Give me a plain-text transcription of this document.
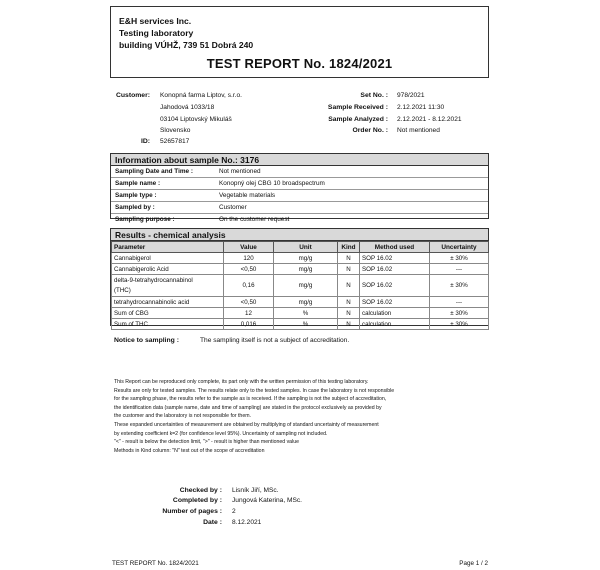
E&H services Inc.
Testing laboratory
building VÚHŽ, 739 51 Dobrá 240
TEST REPORT No. 1824/2021
Customer: Konopná farma Liptov, s.r.o.
Jahodová 1033/18
03104 Liptovský Mikuláš
Slovensko
ID: 52657817
Set No. : 978/2021
Sample Received : 2.12.2021 11:30
Sample Analyzed : 2.12.2021 - 8.12.2021
Order No. : Not mentioned
Information about sample No.: 3176
Sampling Date and Time :	Not mentioned
Sample name :	Konopný olej CBG 10 broadspectrum
Sample type :	Vegetable materials
Sampled by :	Customer
Sampling purpose :	On the customer request
Results - chemical analysis
Parameter	Value	Unit	Kind	Method used	Uncertainty
Cannabigerol	120	mg/g	N	SOP 16.02	± 30%
Cannabigerolic Acid	<0,50	mg/g	N	SOP 16.02	---
delta-9-tetrahydrocannabinol
(THC)	0,16	mg/g	N	SOP 16.02	± 30%
tetrahydrocannabinolic acid	<0,50	mg/g	N	SOP 16.02	---
Sum of CBG	12	%	N	calculation	± 30%
Sum of THC	0,016	%	N	calculation	± 30%
Notice to sampling :	The sampling itself is not a subject of accreditation.

This Report can be reproduced only complete, its part only with the written permission of this testing laboratory.

Results are only for tested samples. The results relate only to the tested samples. In case the laboratory is not responsible

for the sampling phase, the results refer to the sample as is received. If the sampling is not the subject of accreditation,

the identification data (sample name, date and time of sampling) are stated in the protocol exclusively as provided by

the customer and the laboratory is not responsible for them.

These expanded uncertainties of measurement are obtained by multiplying of standard uncertainty of measurement

by extending coefficient k=2 (for confidence level 95%). Uncertainty of sampling not included.

"<" - result is below the detection limit, ">" - result is higher than mentioned value

Methods in Kind column: "N" test out of the scope of accreditation

Checked by : Lisník Jiří, MSc.
Completed by : Jungová Katerina, MSc.
Number of pages : 2
Date : 8.12.2021
TEST REPORT No. 1824/2021	Page 1 / 2
